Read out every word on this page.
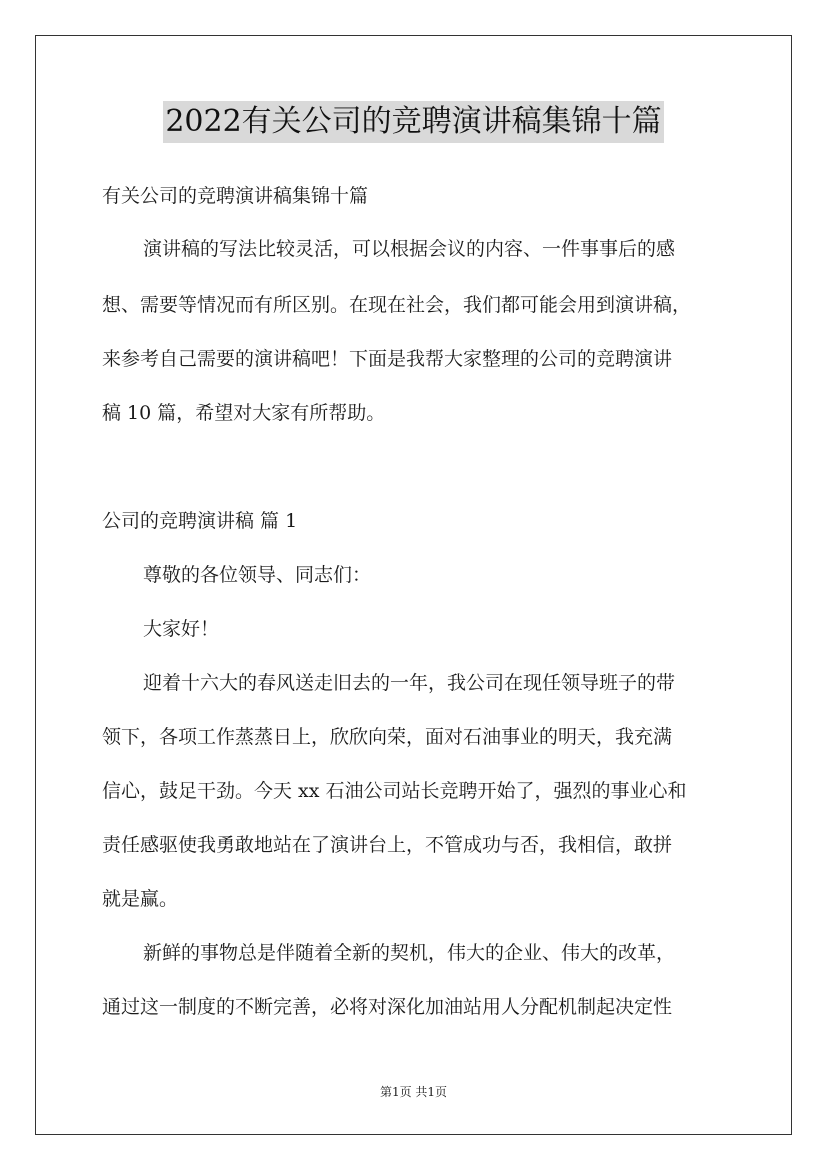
2022有关公司的竞聘演讲稿集锦十篇
有关公司的竞聘演讲稿集锦十篇
演讲稿的写法比较灵活，可以根据会议的内容、一件事事后的感
想、需要等情况而有所区别。在现在社会，我们都可能会用到演讲稿，
来参考自己需要的演讲稿吧！下面是我帮大家整理的公司的竞聘演讲
稿 10 篇，希望对大家有所帮助。
公司的竞聘演讲稿 篇 1
尊敬的各位领导、同志们：
大家好！
迎着十六大的春风送走旧去的一年，我公司在现任领导班子的带
领下，各项工作蒸蒸日上，欣欣向荣，面对石油事业的明天，我充满
信心，鼓足干劲。今天 xx 石油公司站长竞聘开始了，强烈的事业心和
责任感驱使我勇敢地站在了演讲台上，不管成功与否，我相信，敢拼
就是赢。
新鲜的事物总是伴随着全新的契机，伟大的企业、伟大的改革，
通过这一制度的不断完善，必将对深化加油站用人分配机制起决定性
第1页 共1页
